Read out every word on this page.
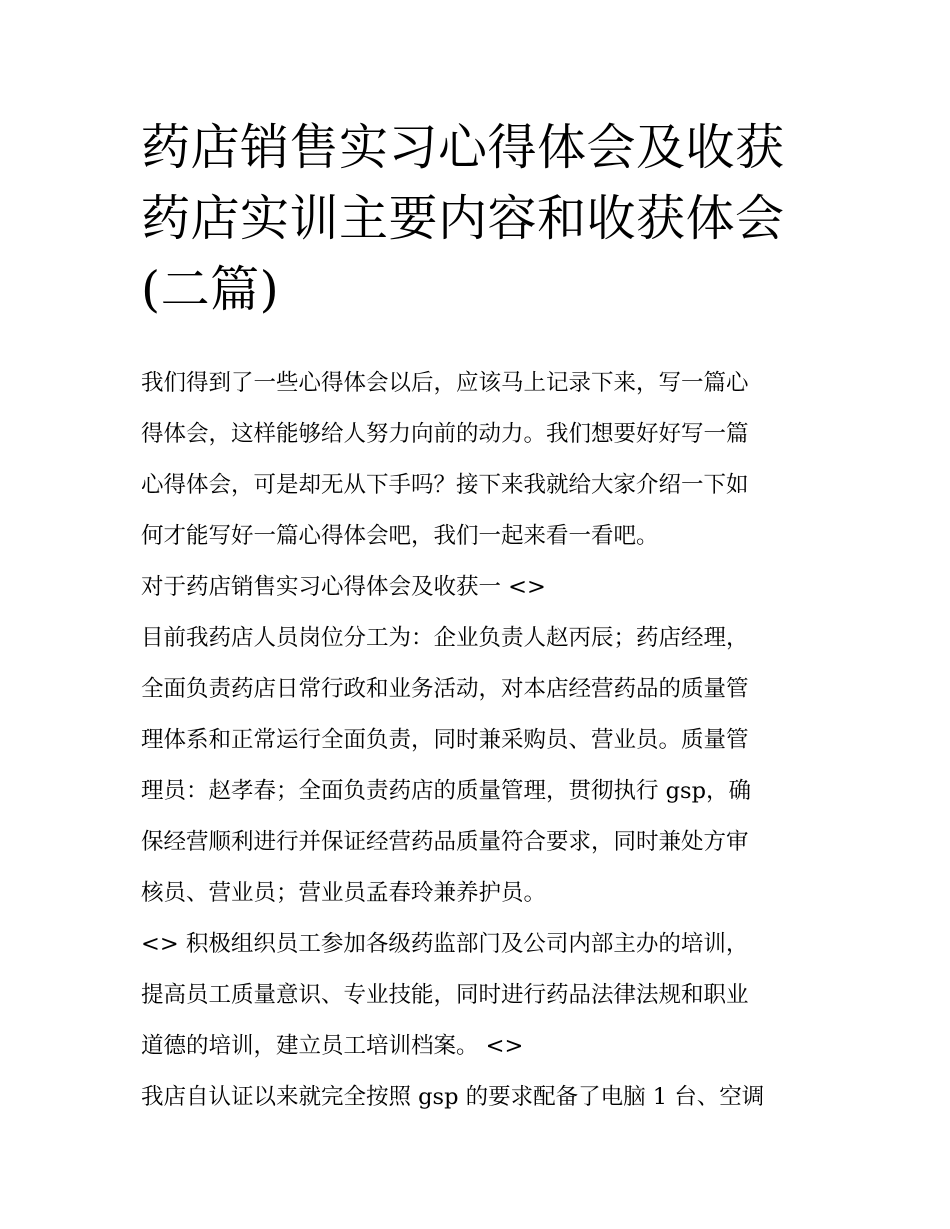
药店销售实习心得体会及收获
药店实训主要内容和收获体会
(二篇)

我们得到了一些心得体会以后，应该马上记录下来，写一篇心
得体会，这样能够给人努力向前的动力。我们想要好好写一篇
心得体会，可是却无从下手吗？接下来我就给大家介绍一下如
何才能写好一篇心得体会吧，我们一起来看一看吧。

对于药店销售实习心得体会及收获一 <>

目前我药店人员岗位分工为：企业负责人赵丙辰；药店经理，
全面负责药店日常行政和业务活动，对本店经营药品的质量管
理体系和正常运行全面负责，同时兼采购员、营业员。质量管
理员：赵孝春；全面负责药店的质量管理，贯彻执行 gsp，确
保经营顺利进行并保证经营药品质量符合要求，同时兼处方审
核员、营业员；营业员孟春玲兼养护员。

<> 积极组织员工参加各级药监部门及公司内部主办的培训，
提高员工质量意识、专业技能，同时进行药品法律法规和职业
道德的培训，建立员工培训档案。 <>

我店自认证以来就完全按照 gsp 的要求配备了电脑 1 台、空调
